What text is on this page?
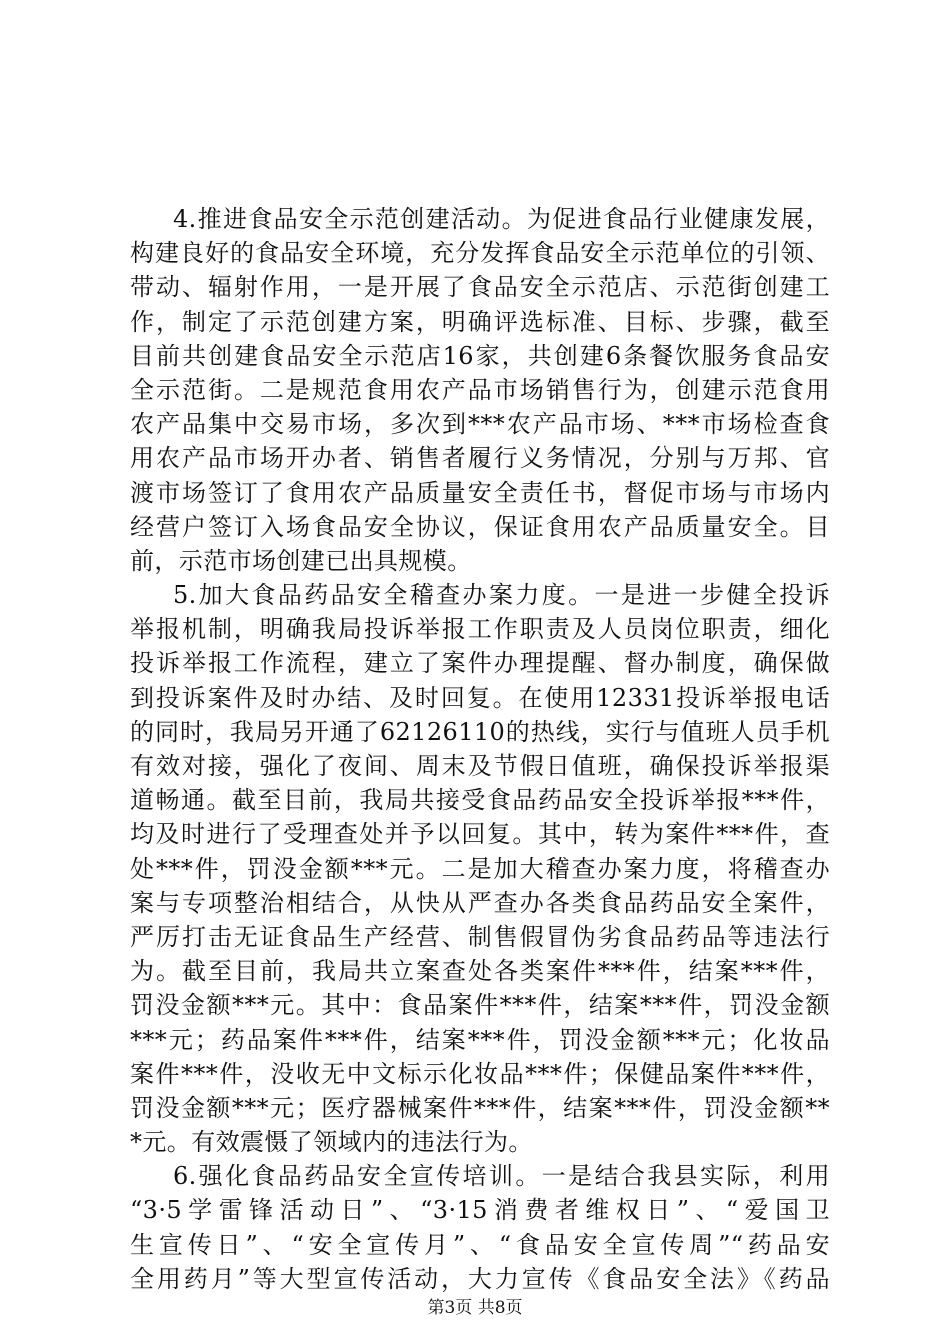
4.推进食品安全示范创建活动。为促进食品行业健康发展，
构建良好的食品安全环境，充分发挥食品安全示范单位的引领、
带动、辐射作用，一是开展了食品安全示范店、示范街创建工
作，制定了示范创建方案，明确评选标准、目标、步骤，截至
目前共创建食品安全示范店16家，共创建6条餐饮服务食品安
全示范街。二是规范食用农产品市场销售行为，创建示范食用
农产品集中交易市场，多次到***农产品市场、***市场检查食
用农产品市场开办者、销售者履行义务情况，分别与万邦、官
渡市场签订了食用农产品质量安全责任书，督促市场与市场内
经营户签订入场食品安全协议，保证食用农产品质量安全。目
前，示范市场创建已出具规模。
5.加大食品药品安全稽查办案力度。一是进一步健全投诉
举报机制，明确我局投诉举报工作职责及人员岗位职责，细化
投诉举报工作流程，建立了案件办理提醒、督办制度，确保做
到投诉案件及时办结、及时回复。在使用12331投诉举报电话
的同时，我局另开通了62126110的热线，实行与值班人员手机
有效对接，强化了夜间、周末及节假日值班，确保投诉举报渠
道畅通。截至目前，我局共接受食品药品安全投诉举报***件，
均及时进行了受理查处并予以回复。其中，转为案件***件，查
处***件，罚没金额***元。二是加大稽查办案力度，将稽查办
案与专项整治相结合，从快从严查办各类食品药品安全案件，
严厉打击无证食品生产经营、制售假冒伪劣食品药品等违法行
为。截至目前，我局共立案查处各类案件***件，结案***件，
罚没金额***元。其中：食品案件***件，结案***件，罚没金额
***元；药品案件***件，结案***件，罚没金额***元；化妆品
案件***件，没收无中文标示化妆品***件；保健品案件***件，
罚没金额***元；医疗器械案件***件，结案***件，罚没金额**
*元。有效震慑了领域内的违法行为。
6.强化食品药品安全宣传培训。一是结合我县实际，利用
“3·5学雷锋活动日”、“3·15消费者维权日”、“爱国卫
生宣传日”、“安全宣传月”、“食品安全宣传周”“药品安
全用药月”等大型宣传活动，大力宣传《食品安全法》《药品
第3页 共8页
